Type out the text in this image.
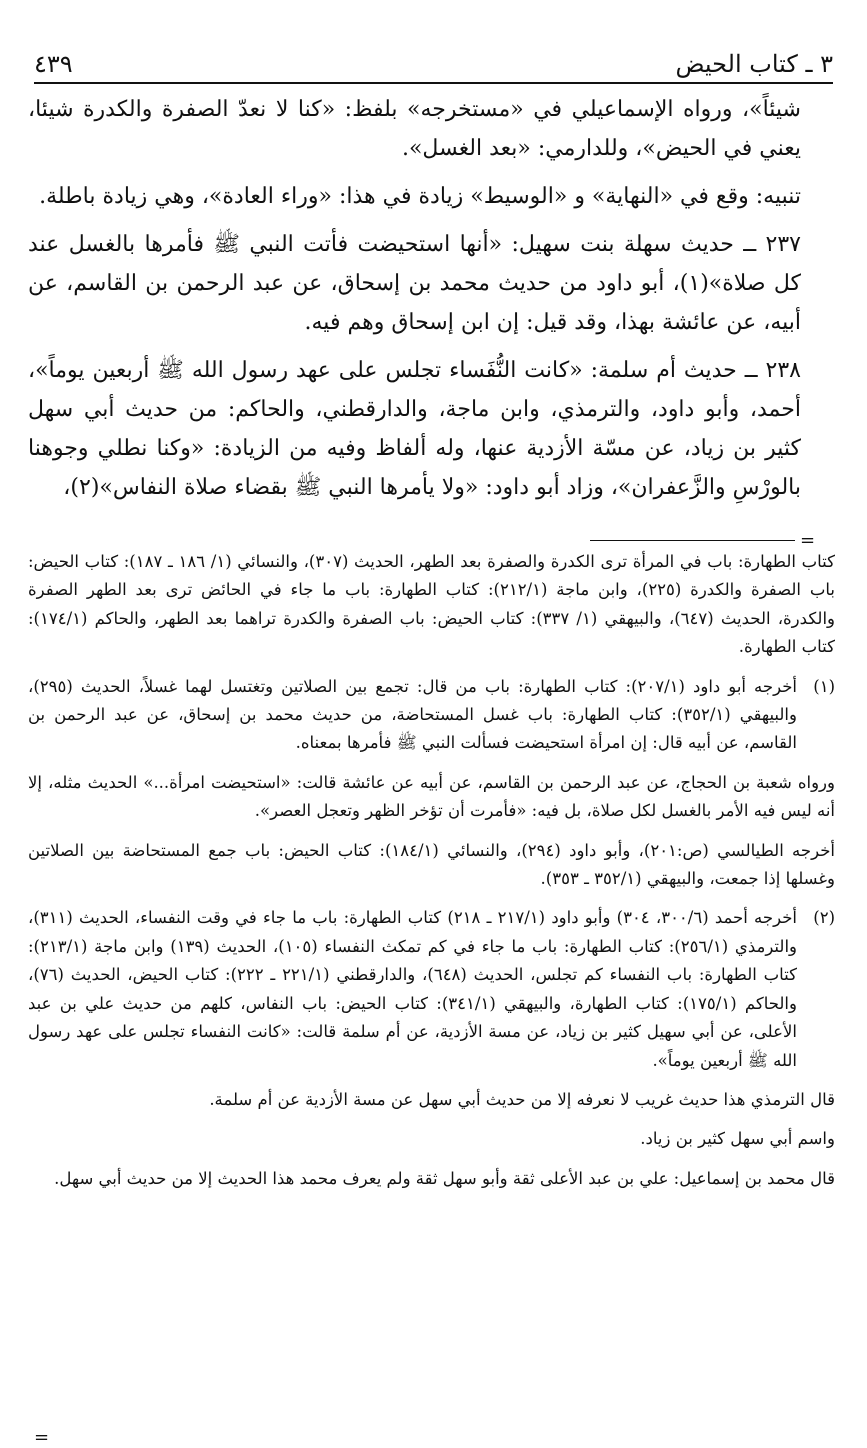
٣ ـ كتاب الحيض
٤٣٩

شيئاً»، ورواه الإسماعيلي في «مستخرجه» بلفظ: «كنا لا نعدّ الصفرة والكدرة شيئا، يعني في الحيض»، وللدارمي: «بعد الغسل».

تنبيه: وقع في «النهاية» و «الوسيط» زيادة في هذا: «وراء العادة»، وهي زيادة باطلة.

٢٣٧ ــ حديث سهلة بنت سهيل: «أنها استحيضت فأتت النبي ﷺ فأمرها بالغسل عند كل صلاة»(١)، أبو داود من حديث محمد بن إسحاق، عن عبد الرحمن بن القاسم، عن أبيه، عن عائشة بهذا، وقد قيل: إن ابن إسحاق وهم فيه.

٢٣٨ ــ حديث أم سلمة: «كانت النُّفَساء تجلس على عهد رسول الله ﷺ أربعين يوماً»، أحمد، وأبو داود، والترمذي، وابن ماجة، والدارقطني، والحاكم: من حديث أبي سهل كثير بن زياد، عن مسّة الأزدية عنها، وله ألفاظ وفيه من الزيادة: «وكنا نطلي وجوهنا بالورْسِ والزَّعفران»، وزاد أبو داود: «ولا يأمرها النبي ﷺ بقضاء صلاة النفاس»(٢)،

=
كتاب الطهارة: باب في المرأة ترى الكدرة والصفرة بعد الطهر، الحديث (٣٠٧)، والنسائي (١/ ١٨٦ ـ ١٨٧): كتاب الحيض: باب الصفرة والكدرة (٢٢٥)، وابن ماجة (٢١٢/١): كتاب الطهارة: باب ما جاء في الحائض ترى بعد الطهر الصفرة والكدرة، الحديث (٦٤٧)، والبيهقي (١/ ٣٣٧): كتاب الحيض: باب الصفرة والكدرة تراهما بعد الطهر، والحاكم (١٧٤/١): كتاب الطهارة.
(١)
أخرجه أبو داود (٢٠٧/١): كتاب الطهارة: باب من قال: تجمع بين الصلاتين وتغتسل لهما غسلاً، الحديث (٢٩٥)، والبيهقي (٣٥٢/١): كتاب الطهارة: باب غسل المستحاضة، من حديث محمد بن إسحاق، عن عبد الرحمن بن القاسم، عن أبيه قال: إن امرأة استحيضت فسألت النبي ﷺ فأمرها بمعناه.
ورواه شعبة بن الحجاج، عن عبد الرحمن بن القاسم، عن أبيه عن عائشة قالت: «استحيضت امرأة...» الحديث مثله، إلا أنه ليس فيه الأمر بالغسل لكل صلاة، بل فيه: «فأمرت أن تؤخر الظهر وتعجل العصر».
أخرجه الطيالسي (ص:٢٠١)، وأبو داود (٢٩٤)، والنسائي (١٨٤/١): كتاب الحيض: باب جمع المستحاضة بين الصلاتين وغسلها إذا جمعت، والبيهقي (٣٥٢/١ ـ ٣٥٣).
(٢)
أخرجه أحمد (٣٠٠/٦، ٣٠٤) وأبو داود (٢١٧/١ ـ ٢١٨) كتاب الطهارة: باب ما جاء في وقت النفساء، الحديث (٣١١)، والترمذي (٢٥٦/١): كتاب الطهارة: باب ما جاء في كم تمكث النفساء (١٠٥)، الحديث (١٣٩) وابن ماجة (٢١٣/١): كتاب الطهارة: باب النفساء كم تجلس، الحديث (٦٤٨)، والدارقطني (٢٢١/١ ـ ٢٢٢): كتاب الحيض، الحديث (٧٦)، والحاكم (١٧٥/١): كتاب الطهارة، والبيهقي (٣٤١/١): كتاب الحيض: باب النفاس، كلهم من حديث علي بن عبد الأعلى، عن أبي سهيل كثير بن زياد، عن مسة الأزدية، عن أم سلمة قالت: «كانت النفساء تجلس على عهد رسول الله ﷺ أربعين يوماً».
قال الترمذي هذا حديث غريب لا نعرفه إلا من حديث أبي سهل عن مسة الأزدية عن أم سلمة.
واسم أبي سهل كثير بن زياد.
قال محمد بن إسماعيل: علي بن عبد الأعلى ثقة وأبو سهل ثقة ولم يعرف محمد هذا الحديث إلا من حديث أبي سهل.
=
